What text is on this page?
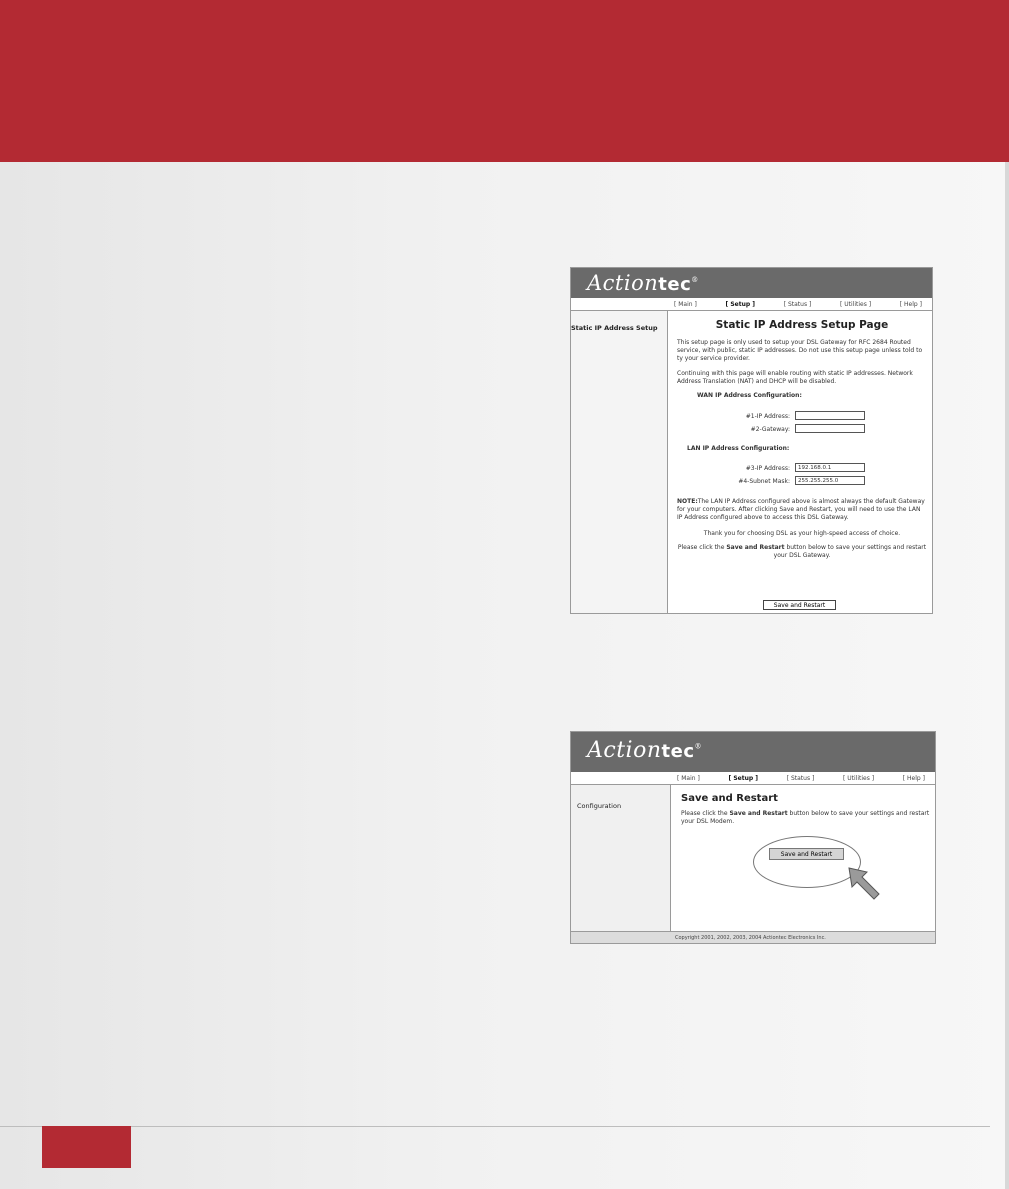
Actiontec®
[ Main ]	[ Setup ]	[ Status ]	[ Utilities ]	[ Help ]
Static IP Address Setup	Static IP Address Setup Page
This setup page is only used to setup your DSL Gateway for RFC 2684 Routed service, with public, static IP addresses. Do not use this setup page unless told to ty your service provider.
Continuing with this page will enable routing with static IP addresses. Network Address Translation (NAT) and DHCP will be disabled.
WAN IP Address Configuration:
#1-IP Address:
#2-Gateway:
LAN IP Address Configuration:
#3-IP Address:	192.168.0.1
#4-Subnet Mask:	255.255.255.0
NOTE:The LAN IP Address configured above is almost always the default Gateway for your computers. After clicking Save and Restart, you will need to use the LAN IP Address configured above to access this DSL Gateway.
Thank you for choosing DSL as your high-speed access of choice.
Please click the Save and Restart button below to save your settings and restart your DSL Gateway.
Save and Restart
Actiontec®
[ Main ]	[ Setup ]	[ Status ]	[ Utilities ]	[ Help ]
Configuration
Save and Restart
Please click the Save and Restart button below to save your settings and restart your DSL Modem.
Save and Restart
Copyright 2001, 2002, 2003, 2004 Actiontec Electronics Inc.
